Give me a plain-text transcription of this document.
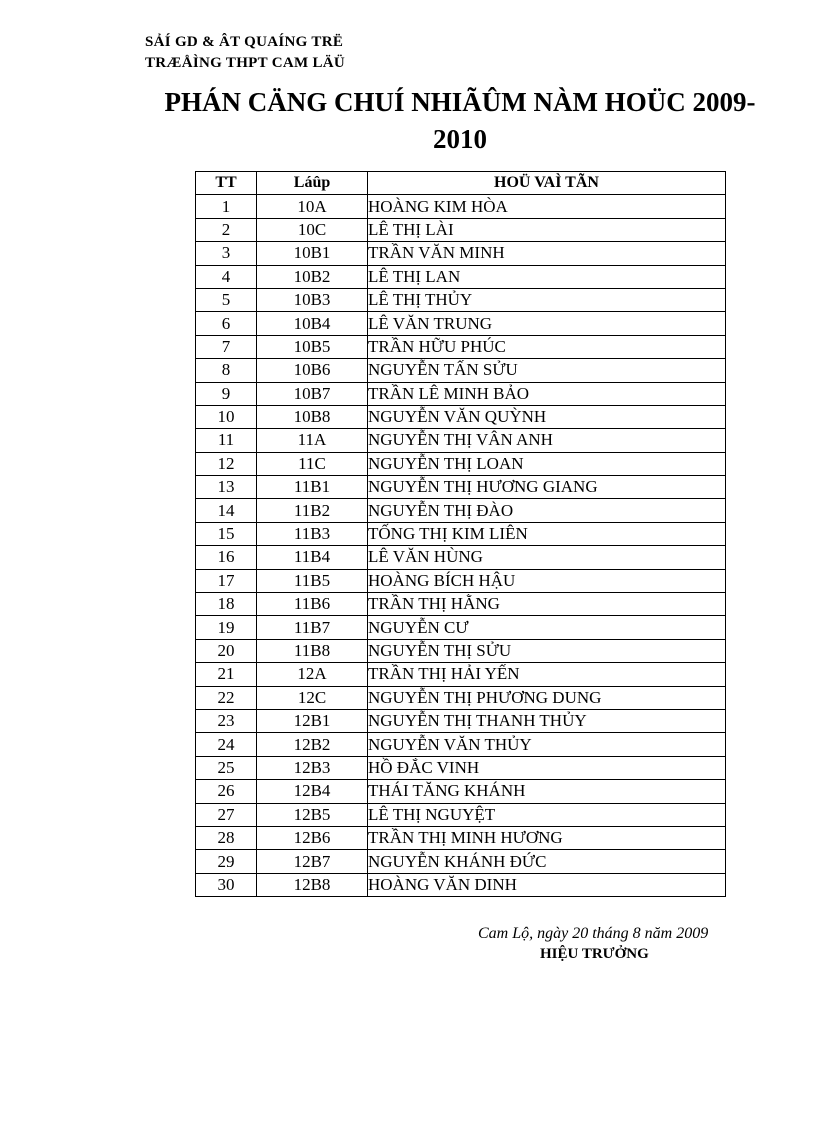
SẢÍ GD & ÂT QUAÍNG TRË
TRÆÅÌNG THPT CAM LÄÜ
PHÁN CÄNG CHUÍ NHIÃÛM NÀM HOÜC 2009-
2010
TT	Láûp	HOÜ VAÌ TÃN
1	10A	HOÀNG KIM HÒA
2	10C	LÊ THỊ LÀI
3	10B1	TRẦN VĂN MINH
4	10B2	LÊ THỊ LAN
5	10B3	LÊ THỊ THỦY
6	10B4	LÊ VĂN TRUNG
7	10B5	TRẦN HỮU PHÚC
8	10B6	NGUYỄN TẤN SỬU
9	10B7	TRẦN LÊ MINH BẢO
10	10B8	NGUYỄN VĂN QUỲNH
11	11A	NGUYỄN THỊ VÂN ANH
12	11C	NGUYỄN THỊ LOAN
13	11B1	NGUYỄN THỊ HƯƠNG GIANG
14	11B2	NGUYỄN THỊ ĐÀO
15	11B3	TỐNG THỊ KIM LIÊN
16	11B4	LÊ VĂN HÙNG
17	11B5	HOÀNG BÍCH HẬU
18	11B6	TRẦN THỊ HẰNG
19	11B7	NGUYỄN CƯ
20	11B8	NGUYỄN THỊ SỬU
21	12A	TRẦN THỊ HẢI YẾN
22	12C	NGUYỄN THỊ PHƯƠNG DUNG
23	12B1	NGUYỄN THỊ THANH THỦY
24	12B2	NGUYỄN VĂN THỦY
25	12B3	HỒ ĐẮC VINH
26	12B4	THÁI TĂNG KHÁNH
27	12B5	LÊ THỊ NGUYỆT
28	12B6	TRẦN THỊ MINH HƯƠNG
29	12B7	NGUYỄN KHÁNH ĐỨC
30	12B8	HOÀNG VĂN DINH
Cam Lộ, ngày 20 tháng 8 năm 2009
HIỆU TRƯỞNG
